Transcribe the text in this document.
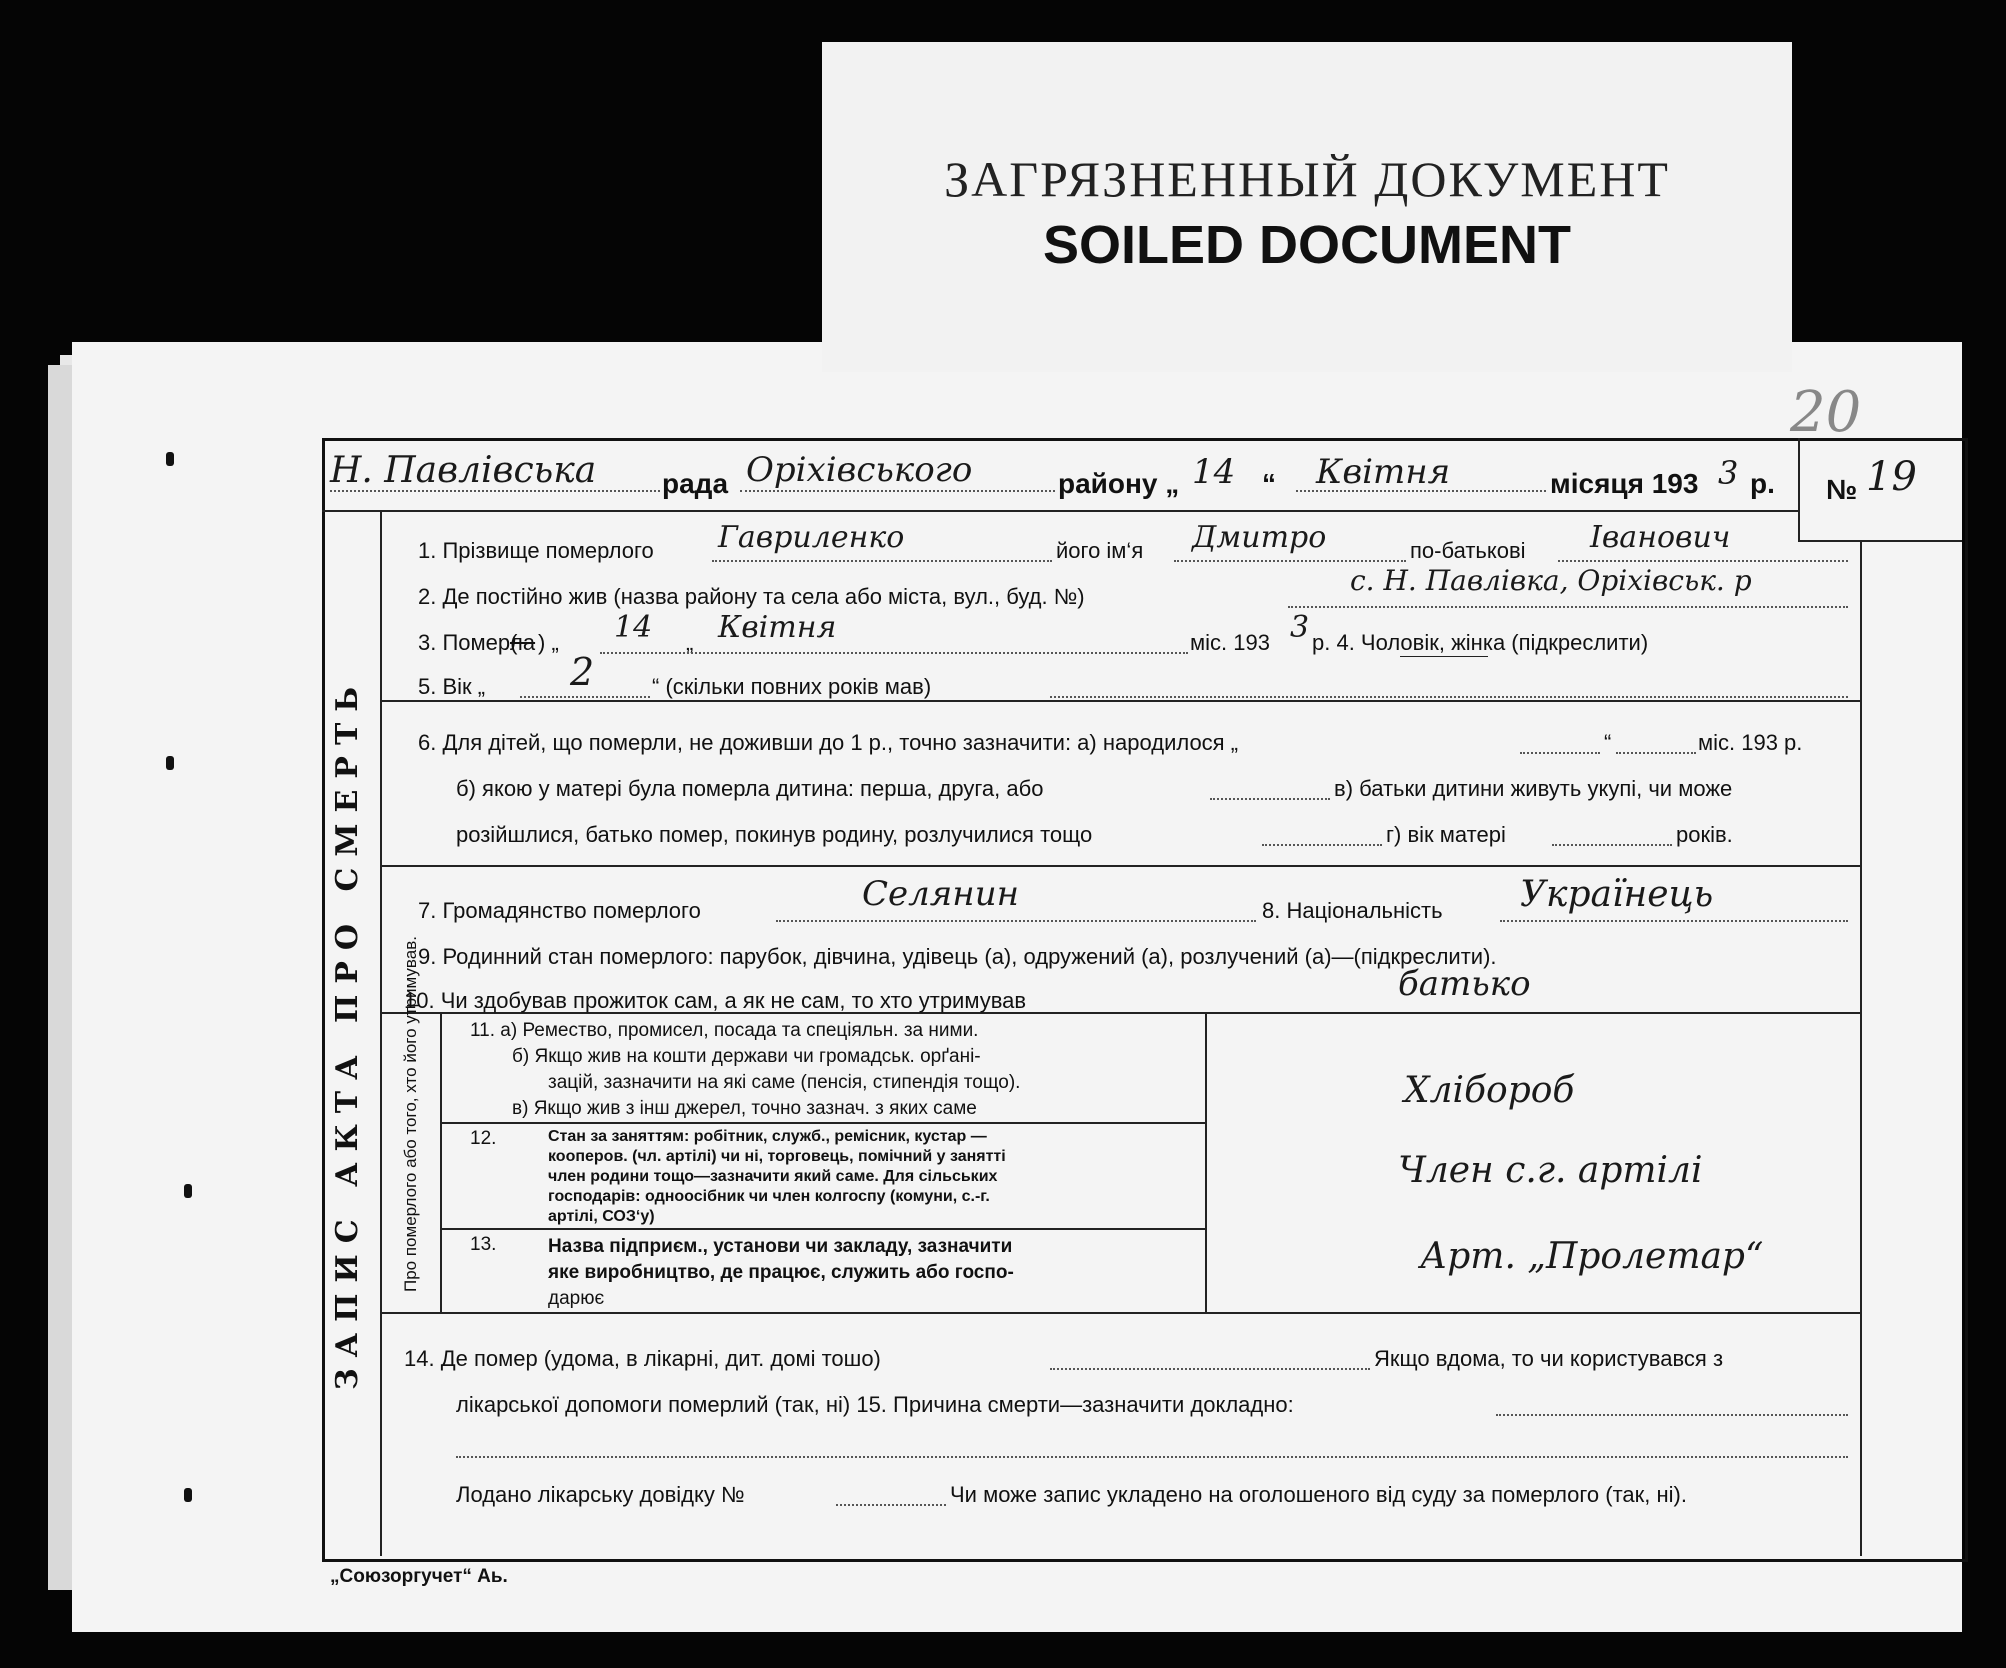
ЗАГРЯЗНЕННЫЙ ДОКУМЕНТ
SOILED DOCUMENT
20
ЗАПИС АКТА ПРО СМЕРТЬ Про померлого або того, хто його утримував.
Н. Павлівська рада Оріхівського	району „ 14 “ Квітня	місяця 193 3 р. № 19
1. Прізвище померлого Гавриленко	його ім‘я Дмитро	по-батькові Іванович
2. Де постійно жив (назва району та села або міста, вул., буд. №)	с. Н. Павлівка, Оріхівськ. р
3. Помер(
ла ) „ 14 „ Квітня	міс. 193 3 р. 4. Чоловік, жінка (підкреслити)
5. Вік „ 2	“ (скільки повних років мав)
6. Для дітей, що померли, не доживши до 1 р., точно зазначити: а) народилося „	“	міс. 193 р.
б) якою у матері була померла дитина: перша, друга, або	в) батьки дитини живуть укупі, чи може
розійшлися, батько помер, покинув родину, розлучилися тощо	г) вік матері	років.
7. Громадянство померлого	Селянин	8. Національність Українець
9. Родинний стан померлого: парубок, дівчина, удівець (а), одружений (а), розлучений (а)—(підкреслити).
10. Чи здобував прожиток сам, а як не сам, то хто утримував	батько
11. а) Ремество, промисел, посада та спеціяльн. за ними.
б) Якщо жив на кошти держави чи громадськ. орґані-
зацій, зазначити на які саме (пенсія, стипендія тощо).
в) Якщо жив з інш джерел, точно зазнач. з яких саме	Хлібороб
12.	Стан за заняттям: робітник, служб., ремісник, кустар —
кооперов. (чл. артілі) чи ні, торговець, помічний у занятті
член родини тощо—зазначити який саме. Для сільських
господарів: одноосібник чи член колгоспу (комуни, с.-г.
артілі, СОЗ‘у)
Член с.г. артілі
13.	Назва підприєм., установи чи закладу, зазначити
яке виробництво, де працює, служить або госпо-
дарює
Арт. „Пролетар“
14. Де помер (удома, в лікарні, дит. домі тошо)	Якщо вдома, то чи користувався з
лікарської допомоги померлий (так, ні) 15. Причина смерти—зазначити докладно:
Лодано лікарську довідку №	Чи може запис укладено на оголошеного від суду за померлого (так, ні).
„Союзоргучет“ Аь.
